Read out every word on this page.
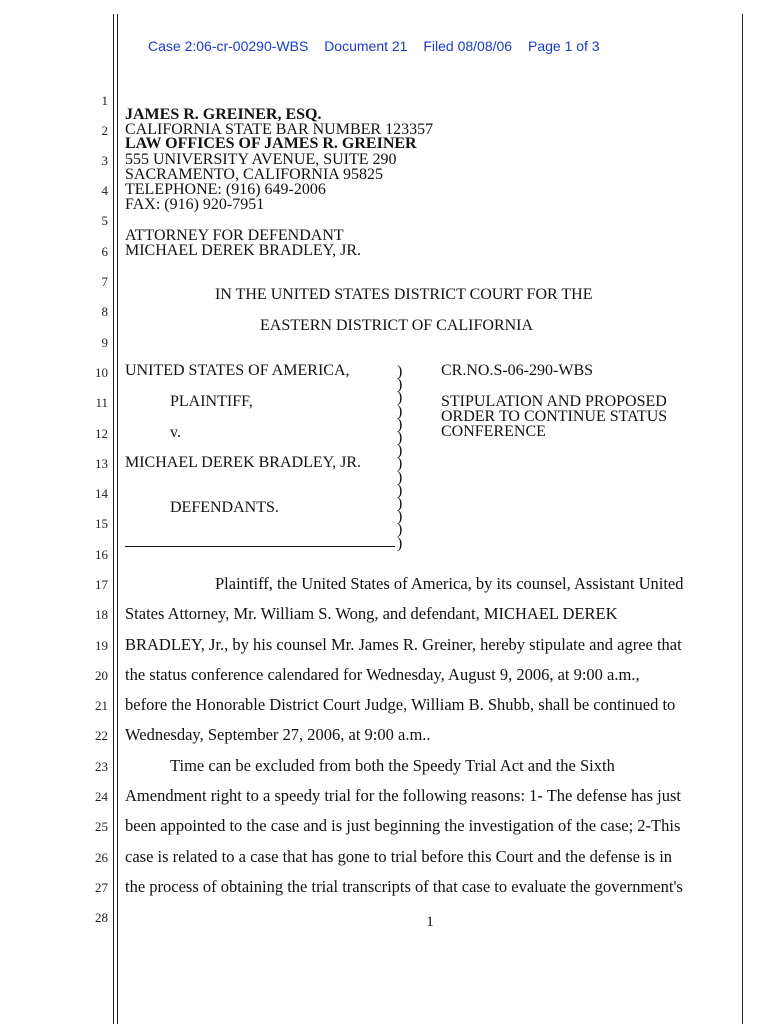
Case 2:06-cr-00290-WBS Document 21 Filed 08/08/06 Page 1 of 3
1
2
3
4
5
6
7
8
9
10
11
12
13
14
15
16
17
18
19
20
21
22
23
24
25
26
27
28
JAMES R. GREINER, ESQ.
CALIFORNIA STATE BAR NUMBER 123357
LAW OFFICES OF JAMES R. GREINER
555 UNIVERSITY AVENUE, SUITE 290
SACRAMENTO, CALIFORNIA 95825
TELEPHONE: (916) 649-2006
FAX: (916) 920-7951
ATTORNEY FOR DEFENDANT
MICHAEL DEREK BRADLEY, JR.
IN THE UNITED STATES DISTRICT COURT FOR THE
EASTERN DISTRICT OF CALIFORNIA
UNITED STATES OF AMERICA,
PLAINTIFF,
v.
MICHAEL DEREK BRADLEY, JR.
DEFENDANTS.
)
)
)
)
)
)
)
)
)
)
)
)
)
)
CR.NO.S-06-290-WBS
STIPULATION AND PROPOSED
ORDER TO CONTINUE STATUS
CONFERENCE
Plaintiff, the United States of America, by its counsel, Assistant United
States Attorney, Mr. William S. Wong, and defendant, MICHAEL DEREK
BRADLEY, Jr., by his counsel Mr. James R. Greiner, hereby stipulate and agree that
the status conference calendared for Wednesday, August 9, 2006, at 9:00 a.m.,
before the Honorable District Court Judge, William B. Shubb, shall be continued to
Wednesday, September 27, 2006, at 9:00 a.m..
Time can be excluded from both the Speedy Trial Act and the Sixth
Amendment right to a speedy trial for the following reasons: 1- The defense has just
been appointed to the case and is just beginning the investigation of the case; 2-This
case is related to a case that has gone to trial before this Court and the defense is in
the process of obtaining the trial transcripts of that case to evaluate the government's
1
